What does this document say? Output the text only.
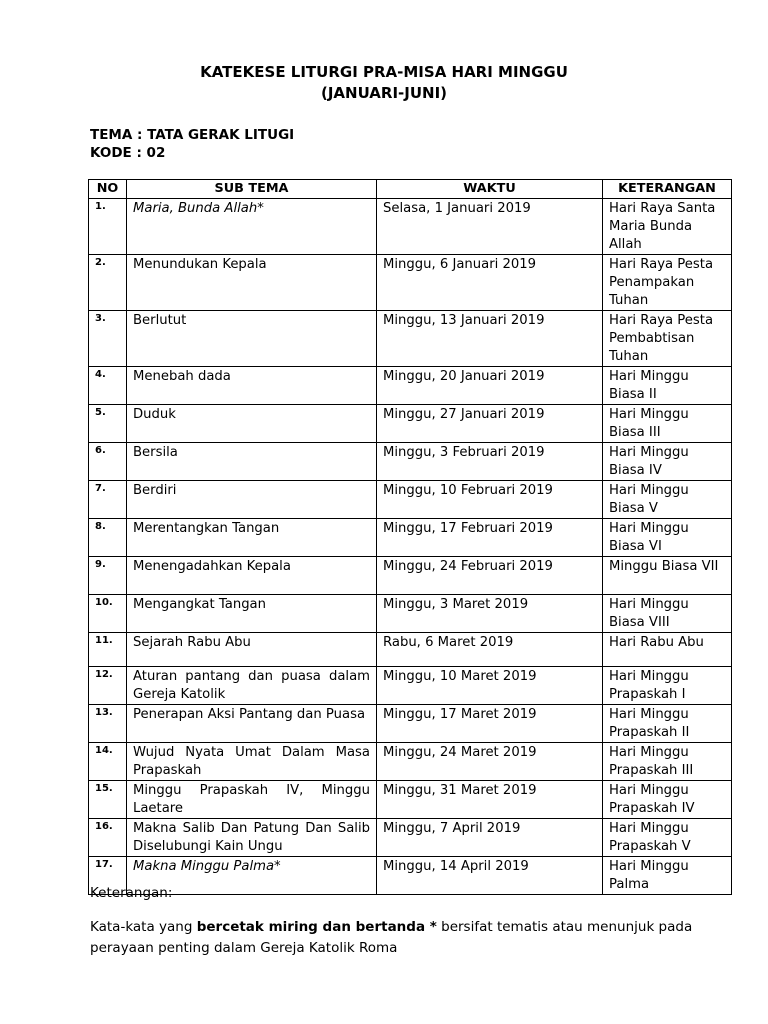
KATEKESE LITURGI PRA-MISA HARI MINGGU
(JANUARI-JUNI)
TEMA : TATA GERAK LITUGI
KODE : 02
NO	SUB TEMA	WAKTU	KETERANGAN
1.	Maria, Bunda Allah*	Selasa, 1 Januari 2019	Hari Raya Santa Maria Bunda Allah
2.	Menundukan Kepala	Minggu, 6 Januari 2019	Hari Raya Pesta Penampakan Tuhan
3.	Berlutut	Minggu, 13 Januari 2019	Hari Raya Pesta Pembabtisan Tuhan
4.	Menebah dada	Minggu, 20 Januari 2019	Hari Minggu Biasa II
5.	Duduk	Minggu, 27 Januari 2019	Hari Minggu Biasa III
6.	Bersila	Minggu, 3 Februari 2019	Hari Minggu Biasa IV
7.	Berdiri	Minggu, 10 Februari 2019	Hari Minggu Biasa V
8.	Merentangkan Tangan	Minggu, 17 Februari 2019	Hari Minggu Biasa VI
9.	Menengadahkan Kepala	Minggu, 24 Februari 2019	Minggu Biasa VII
10.	Mengangkat Tangan	Minggu, 3 Maret 2019	Hari Minggu Biasa VIII
11.	Sejarah Rabu Abu	Rabu, 6 Maret 2019	Hari Rabu Abu
12.	Aturan pantang dan puasa dalam Gereja Katolik	Minggu, 10 Maret 2019	Hari Minggu Prapaskah I
13.	Penerapan Aksi Pantang dan Puasa	Minggu, 17 Maret 2019	Hari Minggu Prapaskah II
14.	Wujud Nyata Umat Dalam Masa Prapaskah	Minggu, 24 Maret 2019	Hari Minggu Prapaskah III
15.	Minggu Prapaskah IV, Minggu Laetare	Minggu, 31 Maret 2019	Hari Minggu Prapaskah IV
16.	Makna Salib Dan Patung Dan Salib Diselubungi Kain Ungu	Minggu, 7 April 2019	Hari Minggu Prapaskah V
17.	Makna Minggu Palma*	Minggu, 14 April 2019	Hari Minggu Palma
Keterangan:
Kata-kata yang bercetak miring dan bertanda * bersifat tematis atau menunjuk pada perayaan penting dalam Gereja Katolik Roma
